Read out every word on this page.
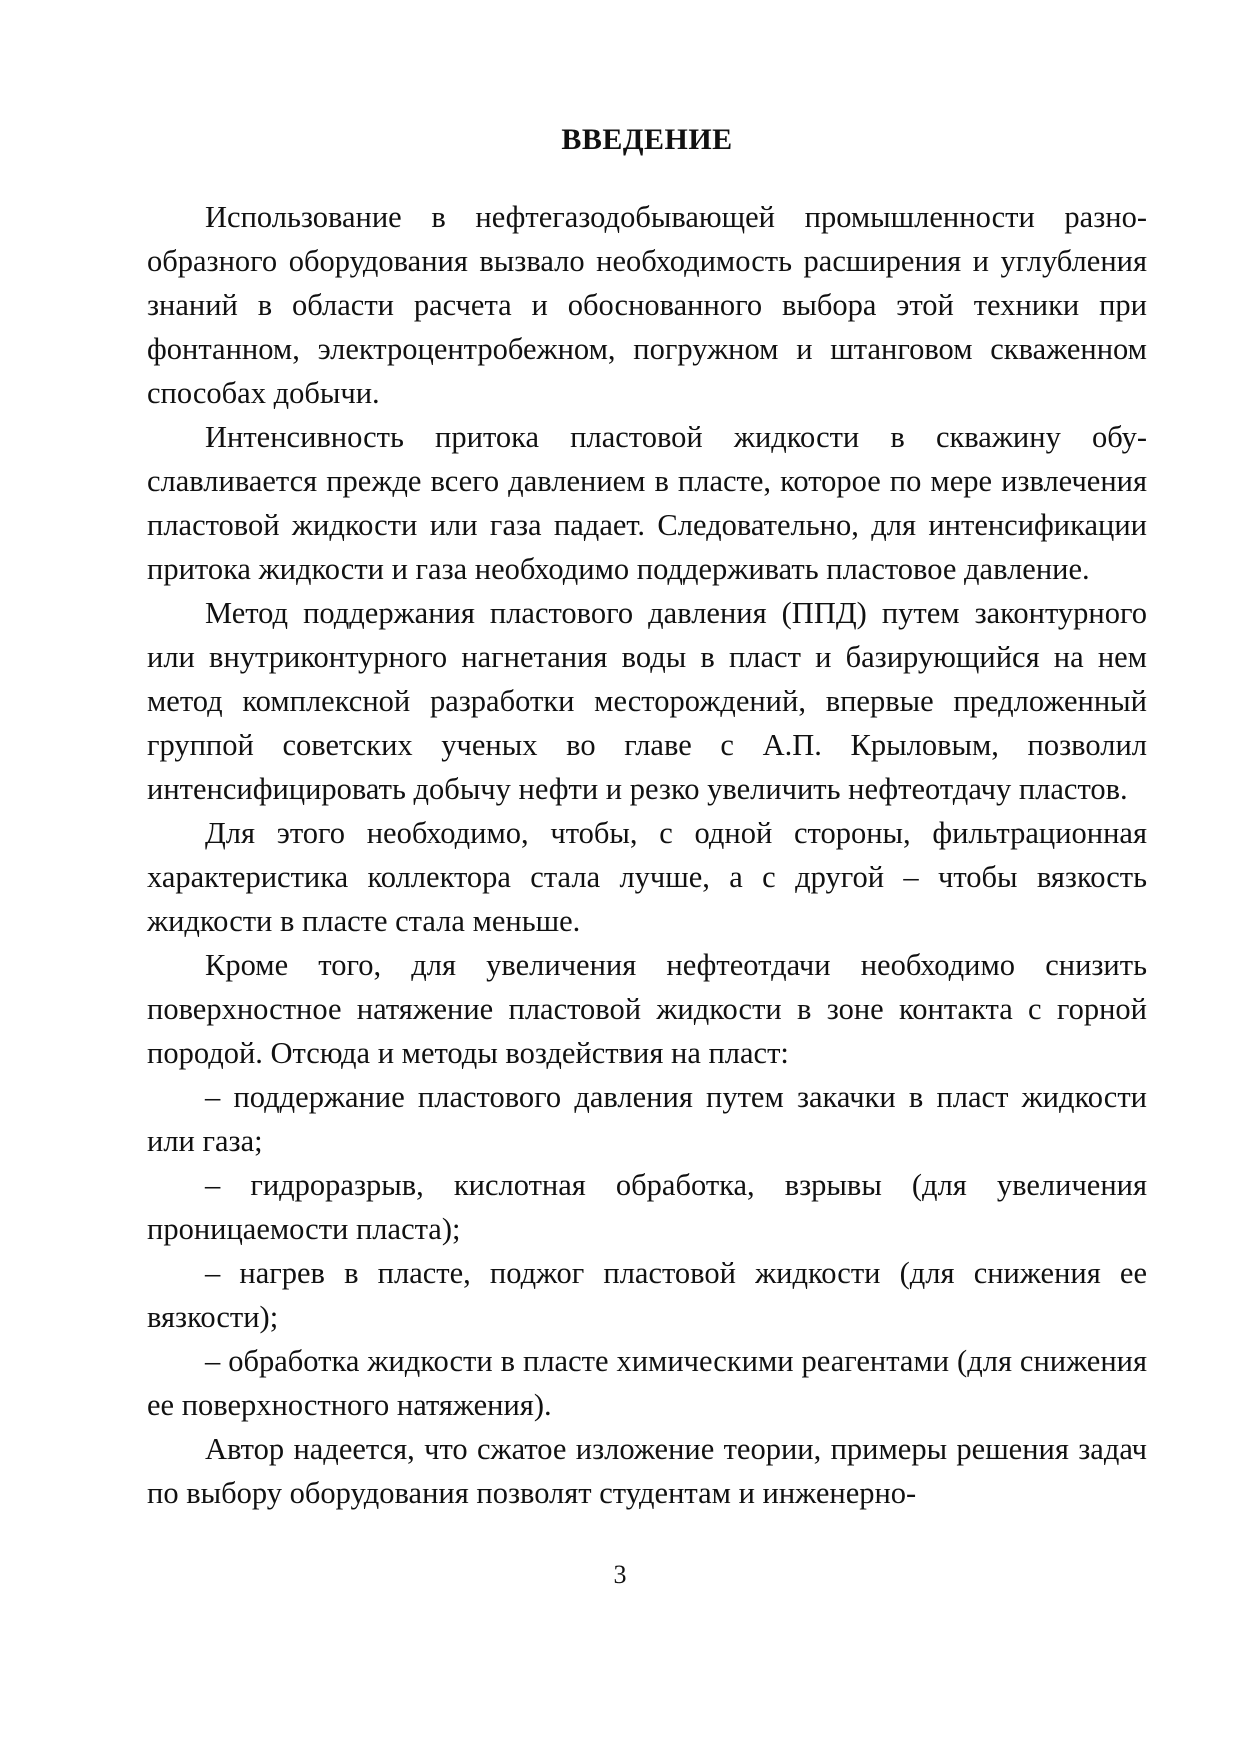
ВВЕДЕНИЕ

Использование в нефтегазодобывающей промышленности разнообразного оборудования вызвало необходимость расширения и углубления знаний в области расчета и обоснованного выбора этой техники при фонтанном, электроцентробежном, погружном и штанговом скваженном способах добычи.

Интенсивность притока пластовой жидкости в скважину обуславливается прежде всего давлением в пласте, которое по мере извлечения пластовой жидкости или газа падает. Следовательно, для интенсификации притока жидкости и газа необходимо поддерживать пластовое давление.

Метод поддержания пластового давления (ППД) путем законтурного или внутриконтурного нагнетания воды в пласт и базирующийся на нем метод комплексной разработки месторождений, впервые предложенный группой советских ученых во главе с А.П. Крыловым, позволил интенсифицировать добычу нефти и резко увеличить нефтеотдачу пластов.

Для этого необходимо, чтобы, с одной стороны, фильтрационная характеристика коллектора стала лучше, а с другой – чтобы вязкость жидкости в пласте стала меньше.

Кроме того, для увеличения нефтеотдачи необходимо снизить поверхностное натяжение пластовой жидкости в зоне контакта с горной породой. Отсюда и методы воздействия на пласт:

– поддержание пластового давления путем закачки в пласт жидкости или газа;

– гидроразрыв, кислотная обработка, взрывы (для увеличения проницаемости пласта);

– нагрев в пласте, поджог пластовой жидкости (для снижения ее вязкости);

– обработка жидкости в пласте химическими реагентами (для снижения ее поверхностного натяжения).

Автор надеется, что сжатое изложение теории, примеры решения задач по выбору оборудования позволят студентам и инженерно-

3
